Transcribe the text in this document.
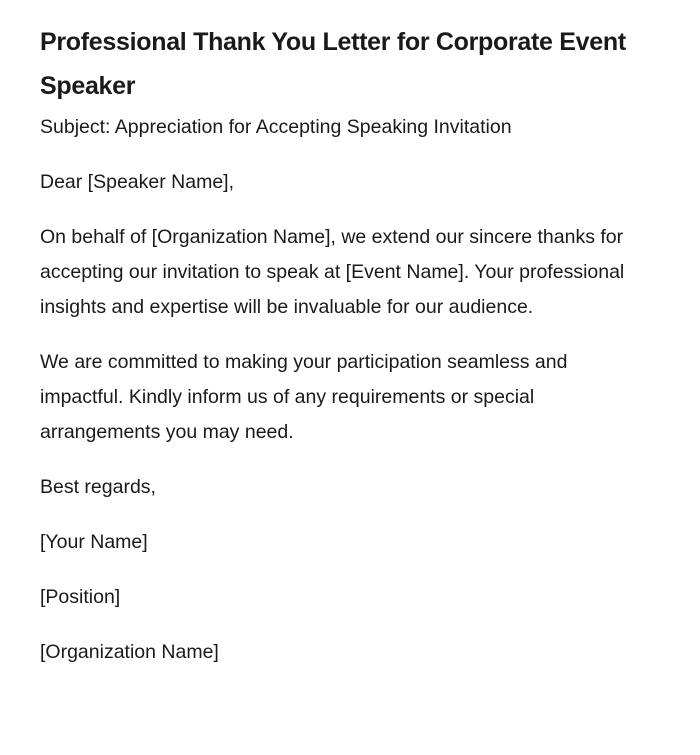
Professional Thank You Letter for Corporate Event Speaker

Subject: Appreciation for Accepting Speaking Invitation

Dear [Speaker Name],

On behalf of [Organization Name], we extend our sincere thanks for accepting our invitation to speak at [Event Name]. Your professional insights and expertise will be invaluable for our audience.

We are committed to making your participation seamless and impactful. Kindly inform us of any requirements or special arrangements you may need.

Best regards,

[Your Name]

[Position]

[Organization Name]
